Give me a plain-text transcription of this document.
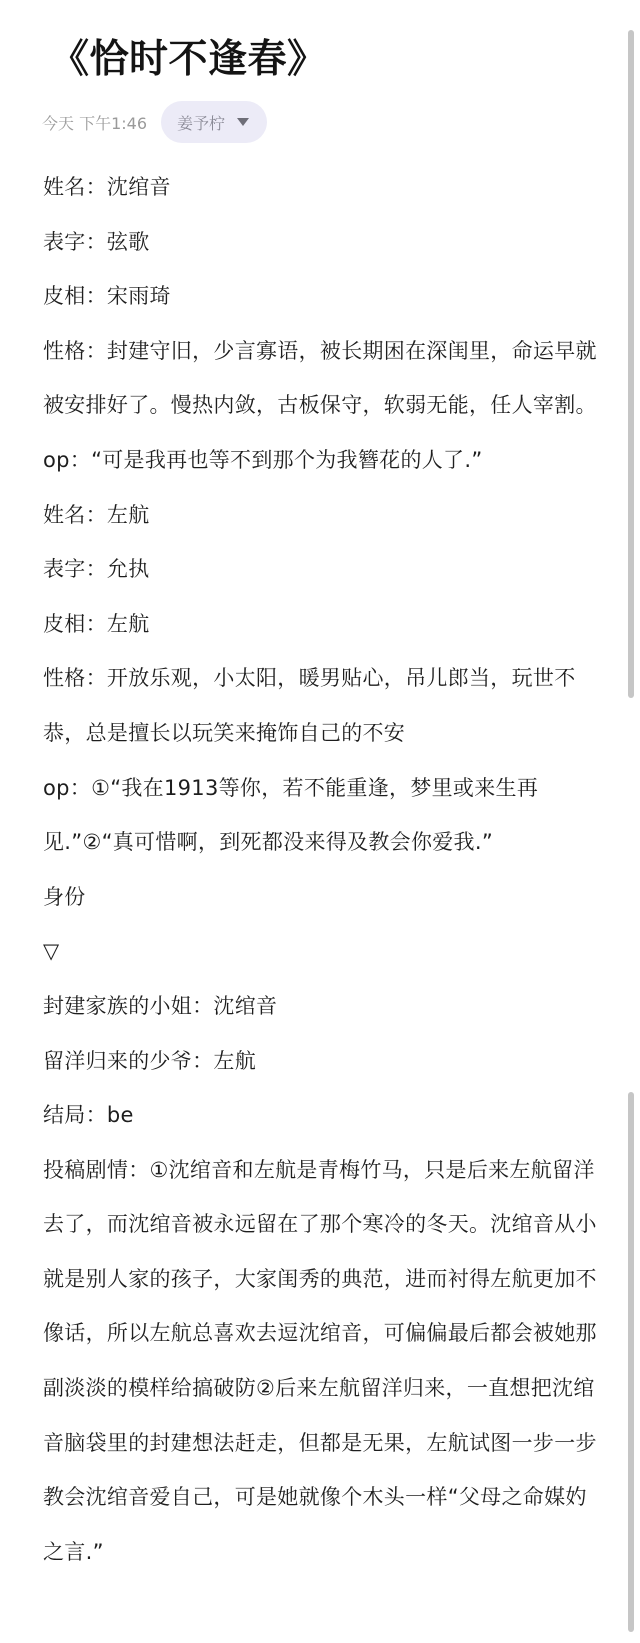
《恰时不逢春》
今天 下午1:46 姜予柠

姓名：沈绾音

表字：弦歌

皮相：宋雨琦

性格：封建守旧，少言寡语，被长期困在深闺里，命运早就被安排好了。慢热内敛，古板保守，软弱无能，任人宰割。

op：“可是我再也等不到那个为我簪花的人了.”

姓名：左航

表字：允执

皮相：左航

性格：开放乐观，小太阳，暖男贴心，吊儿郎当，玩世不恭，总是擅长以玩笑来掩饰自己的不安

op：①“我在1913等你，若不能重逢，梦里或来生再见.”②“真可惜啊，到死都没来得及教会你爱我.”

身份

▽

封建家族的小姐：沈绾音

留洋归来的少爷：左航

结局：be

投稿剧情：①沈绾音和左航是青梅竹马，只是后来左航留洋去了，而沈绾音被永远留在了那个寒冷的冬天。沈绾音从小就是别人家的孩子，大家闺秀的典范，进而衬得左航更加不像话，所以左航总喜欢去逗沈绾音，可偏偏最后都会被她那副淡淡的模样给搞破防②后来左航留洋归来，一直想把沈绾音脑袋里的封建想法赶走，但都是无果，左航试图一步一步教会沈绾音爱自己，可是她就像个木头一样“父母之命媒妁之言.”
